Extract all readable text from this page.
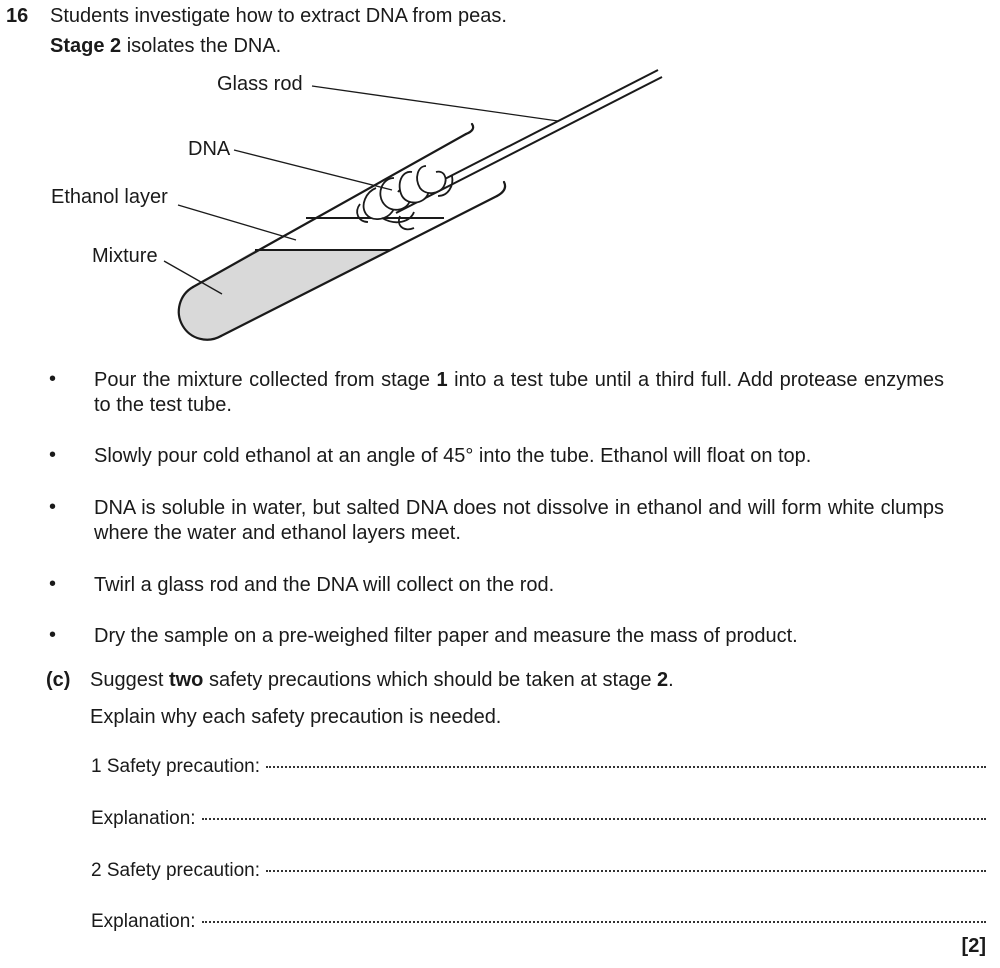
16 Students investigate how to extract DNA from peas.
Stage 2 isolates the DNA.
Glass rod
DNA
Ethanol layer
Mixture
• Pour the mixture collected from stage 1 into a test tube until a third full. Add protease enzymes to the test tube.
• Slowly pour cold ethanol at an angle of 45° into the tube. Ethanol will float on top.
• DNA is soluble in water, but salted DNA does not dissolve in ethanol and will form white clumps where the water and ethanol layers meet.
• Twirl a glass rod and the DNA will collect on the rod.
• Dry the sample on a pre-weighed filter paper and measure the mass of product.
(c) Suggest two safety precautions which should be taken at stage 2.
Explain why each safety precaution is needed.
1 Safety precaution:
Explanation:
2 Safety precaution:
Explanation:
[2]
